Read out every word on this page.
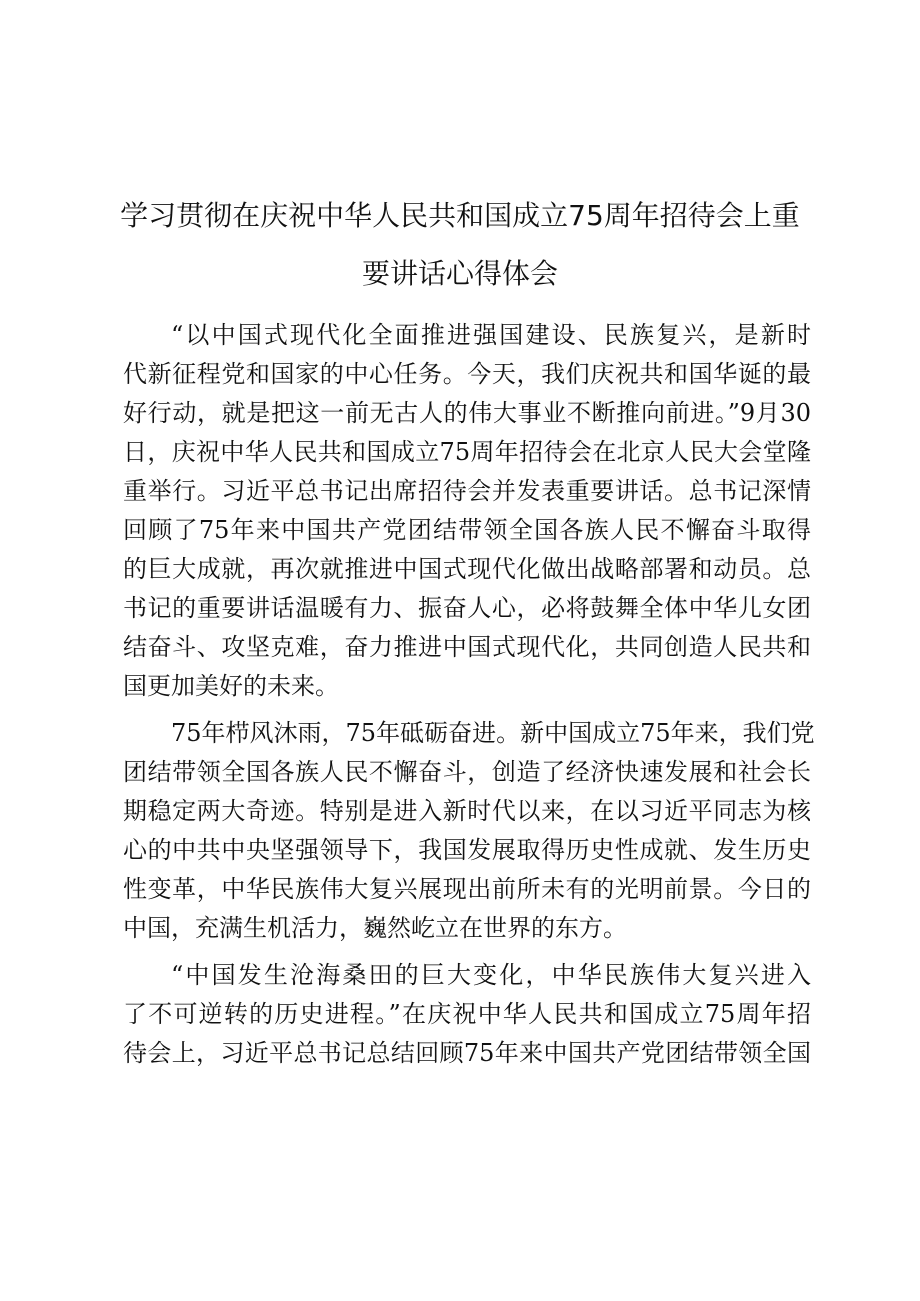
学习贯彻在庆祝中华人民共和国成立75周年招待会上重
要讲话心得体会
“以中国式现代化全面推进强国建设、民族复兴，是新时
代新征程党和国家的中心任务。今天，我们庆祝共和国华诞的最
好行动，就是把这一前无古人的伟大事业不断推向前进。”9月30
日，庆祝中华人民共和国成立75周年招待会在北京人民大会堂隆
重举行。习近平总书记出席招待会并发表重要讲话。总书记深情
回顾了75年来中国共产党团结带领全国各族人民不懈奋斗取得
的巨大成就，再次就推进中国式现代化做出战略部署和动员。总
书记的重要讲话温暖有力、振奋人心，必将鼓舞全体中华儿女团
结奋斗、攻坚克难，奋力推进中国式现代化，共同创造人民共和
国更加美好的未来。
75年栉风沐雨，75年砥砺奋进。新中国成立75年来，我们党
团结带领全国各族人民不懈奋斗，创造了经济快速发展和社会长
期稳定两大奇迹。特别是进入新时代以来，在以习近平同志为核
心的中共中央坚强领导下，我国发展取得历史性成就、发生历史
性变革，中华民族伟大复兴展现出前所未有的光明前景。今日的
中国，充满生机活力，巍然屹立在世界的东方。
“中国发生沧海桑田的巨大变化，中华民族伟大复兴进入
了不可逆转的历史进程。”在庆祝中华人民共和国成立75周年招
待会上，习近平总书记总结回顾75年来中国共产党团结带领全国
